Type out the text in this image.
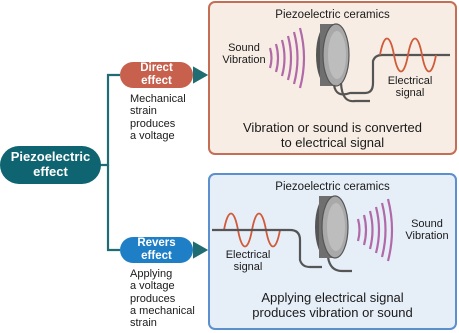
Piezoelectric
effect
Direct
effect
Mechanical
strain
produces
a voltage
Revers
effect
Applying
a voltage
produces
a mechanical
strain
Piezoelectric ceramics
Sound
Vibration
Electrical
signal
Vibration or sound is converted
to electrical signal
Piezoelectric ceramics
Electrical
signal
Sound
Vibration
Applying electrical signal
produces vibration or sound
